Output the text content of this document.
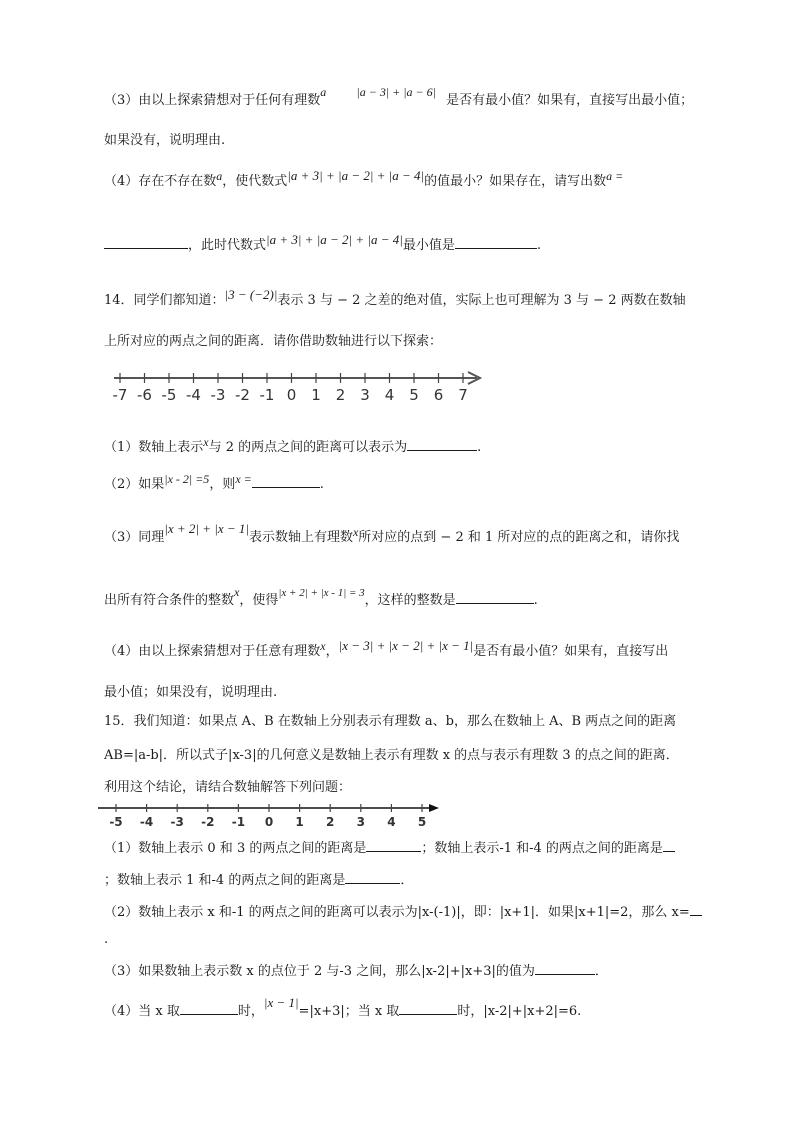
（3）由以上探索猜想对于任何有理数a	|a − 3| + |a − 6| 是否有最小值？如果有，直接写出最小值；
如果没有，说明理由.
（4）存在不存在数a，使代数式|a + 3| + |a − 2| + |a − 4|的值最小？如果存在，请写出数a =
，此时代数式|a + 3| + |a − 2| + |a − 4|最小值是	.
14．同学们都知道：|3 − (−2)|表示 3 与 − 2 之差的绝对值，实际上也可理解为 3 与 − 2 两数在数轴
上所对应的两点之间的距离．请你借助数轴进行以下探索：
-7 -6 -5 -4 -3 -2 -1 0 1 2 3 4 5 6 7
（1）数轴上表示x与 2 的两点之间的距离可以表示为	.
（2）如果|x - 2| =5，则x =	.
（3）同理|x + 2| + |x − 1|表示数轴上有理数x所对应的点到 − 2 和 1 所对应的点的距离之和，请你找
出所有符合条件的整数x，使得|x + 2| + |x - 1| = 3，这样的整数是	.
（4）由以上探索猜想对于任意有理数x，|x − 3| + |x − 2| + |x − 1|是否有最小值？如果有，直接写出
最小值；如果没有，说明理由.
15．我们知道：如果点 A、B 在数轴上分别表示有理数 a、b，那么在数轴上 A、B 两点之间的距离
AB=|a-b|．所以式子|x-3|的几何意义是数轴上表示有理数 x 的点与表示有理数 3 的点之间的距离．
利用这个结论，请结合数轴解答下列问题：
-5 -4 -3 -2 -1 0 1 2 3 4 5
（1）数轴上表示 0 和 3 的两点之间的距离是	；数轴上表示-1 和-4 的两点之间的距离是
；数轴上表示 1 和-4 的两点之间的距离是	．
（2）数轴上表示 x 和-1 的两点之间的距离可以表示为|x-(-1)|，即：|x+1|．如果|x+1|=2，那么 x=
.
（3）如果数轴上表示数 x 的点位于 2 与-3 之间，那么|x-2|+|x+3|的值为	．
（4）当 x 取	时，|x − 1|=|x+3|；当 x 取	时，|x-2|+|x+2|=6.
